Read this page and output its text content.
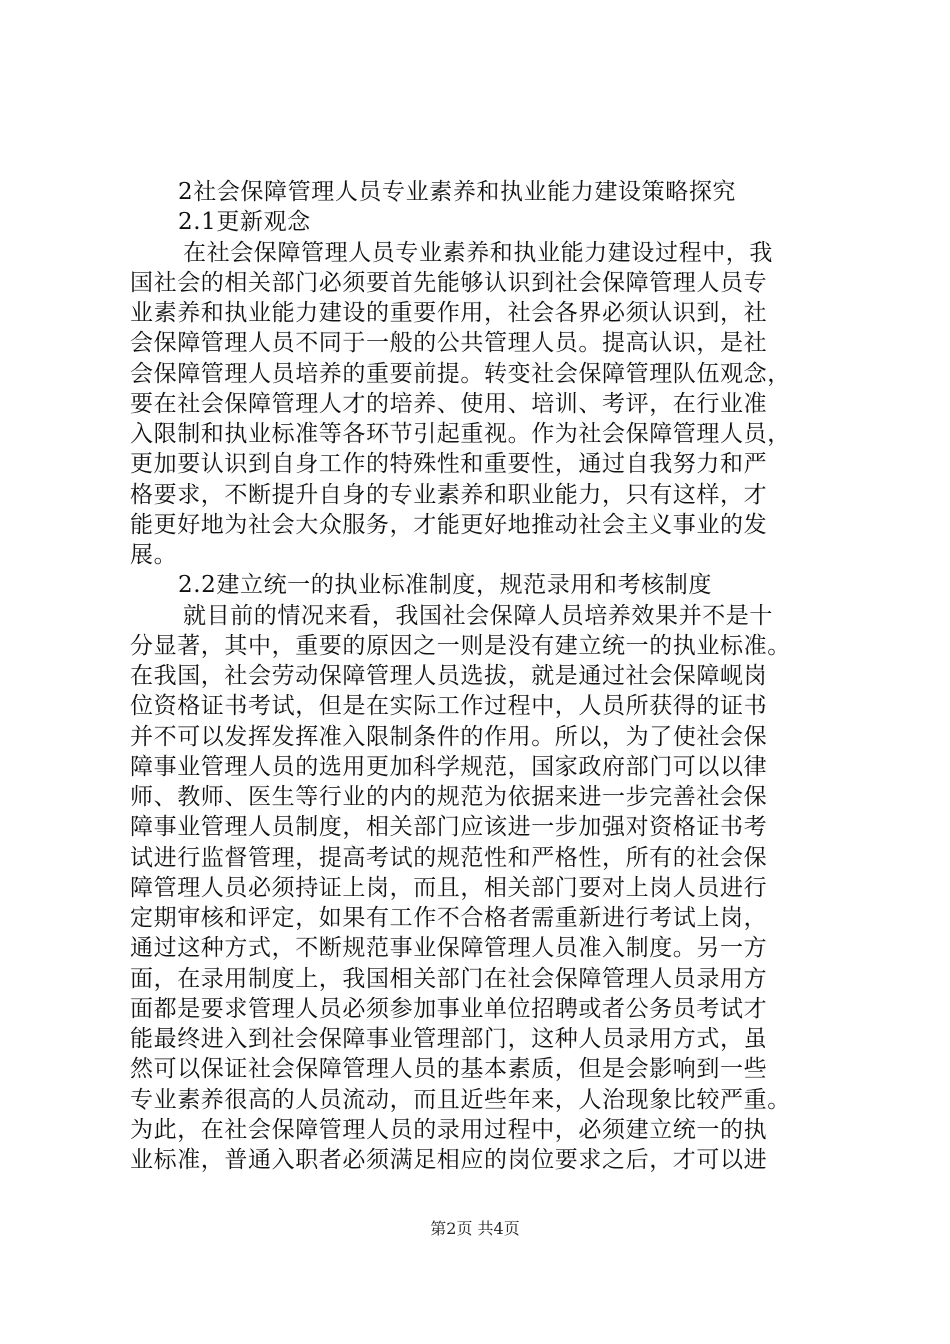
2社会保障管理人员专业素养和执业能力建设策略探究
2.1更新观念
在社会保障管理人员专业素养和执业能力建设过程中，我
国社会的相关部门必须要首先能够认识到社会保障管理人员专
业素养和执业能力建设的重要作用，社会各界必须认识到，社
会保障管理人员不同于一般的公共管理人员。提高认识，是社
会保障管理人员培养的重要前提。转变社会保障管理队伍观念，
要在社会保障管理人才的培养、使用、培训、考评，在行业准
入限制和执业标准等各环节引起重视。作为社会保障管理人员，
更加要认识到自身工作的特殊性和重要性，通过自我努力和严
格要求，不断提升自身的专业素养和职业能力，只有这样，才
能更好地为社会大众服务，才能更好地推动社会主义事业的发
展。
2.2建立统一的执业标准制度，规范录用和考核制度
就目前的情况来看，我国社会保障人员培养效果并不是十
分显著，其中，重要的原因之一则是没有建立统一的执业标准。
在我国，社会劳动保障管理人员选拔，就是通过社会保障岘岗
位资格证书考试，但是在实际工作过程中，人员所获得的证书
并不可以发挥发挥准入限制条件的作用。所以，为了使社会保
障事业管理人员的选用更加科学规范，国家政府部门可以以律
师、教师、医生等行业的内的规范为依据来进一步完善社会保
障事业管理人员制度，相关部门应该进一步加强对资格证书考
试进行监督管理，提高考试的规范性和严格性，所有的社会保
障管理人员必须持证上岗，而且，相关部门要对上岗人员进行
定期审核和评定，如果有工作不合格者需重新进行考试上岗，
通过这种方式，不断规范事业保障管理人员准入制度。另一方
面，在录用制度上，我国相关部门在社会保障管理人员录用方
面都是要求管理人员必须参加事业单位招聘或者公务员考试才
能最终进入到社会保障事业管理部门，这种人员录用方式，虽
然可以保证社会保障管理人员的基本素质，但是会影响到一些
专业素养很高的人员流动，而且近些年来，人治现象比较严重。
为此，在社会保障管理人员的录用过程中，必须建立统一的执
业标准，普通入职者必须满足相应的岗位要求之后，才可以进
第2页 共4页
